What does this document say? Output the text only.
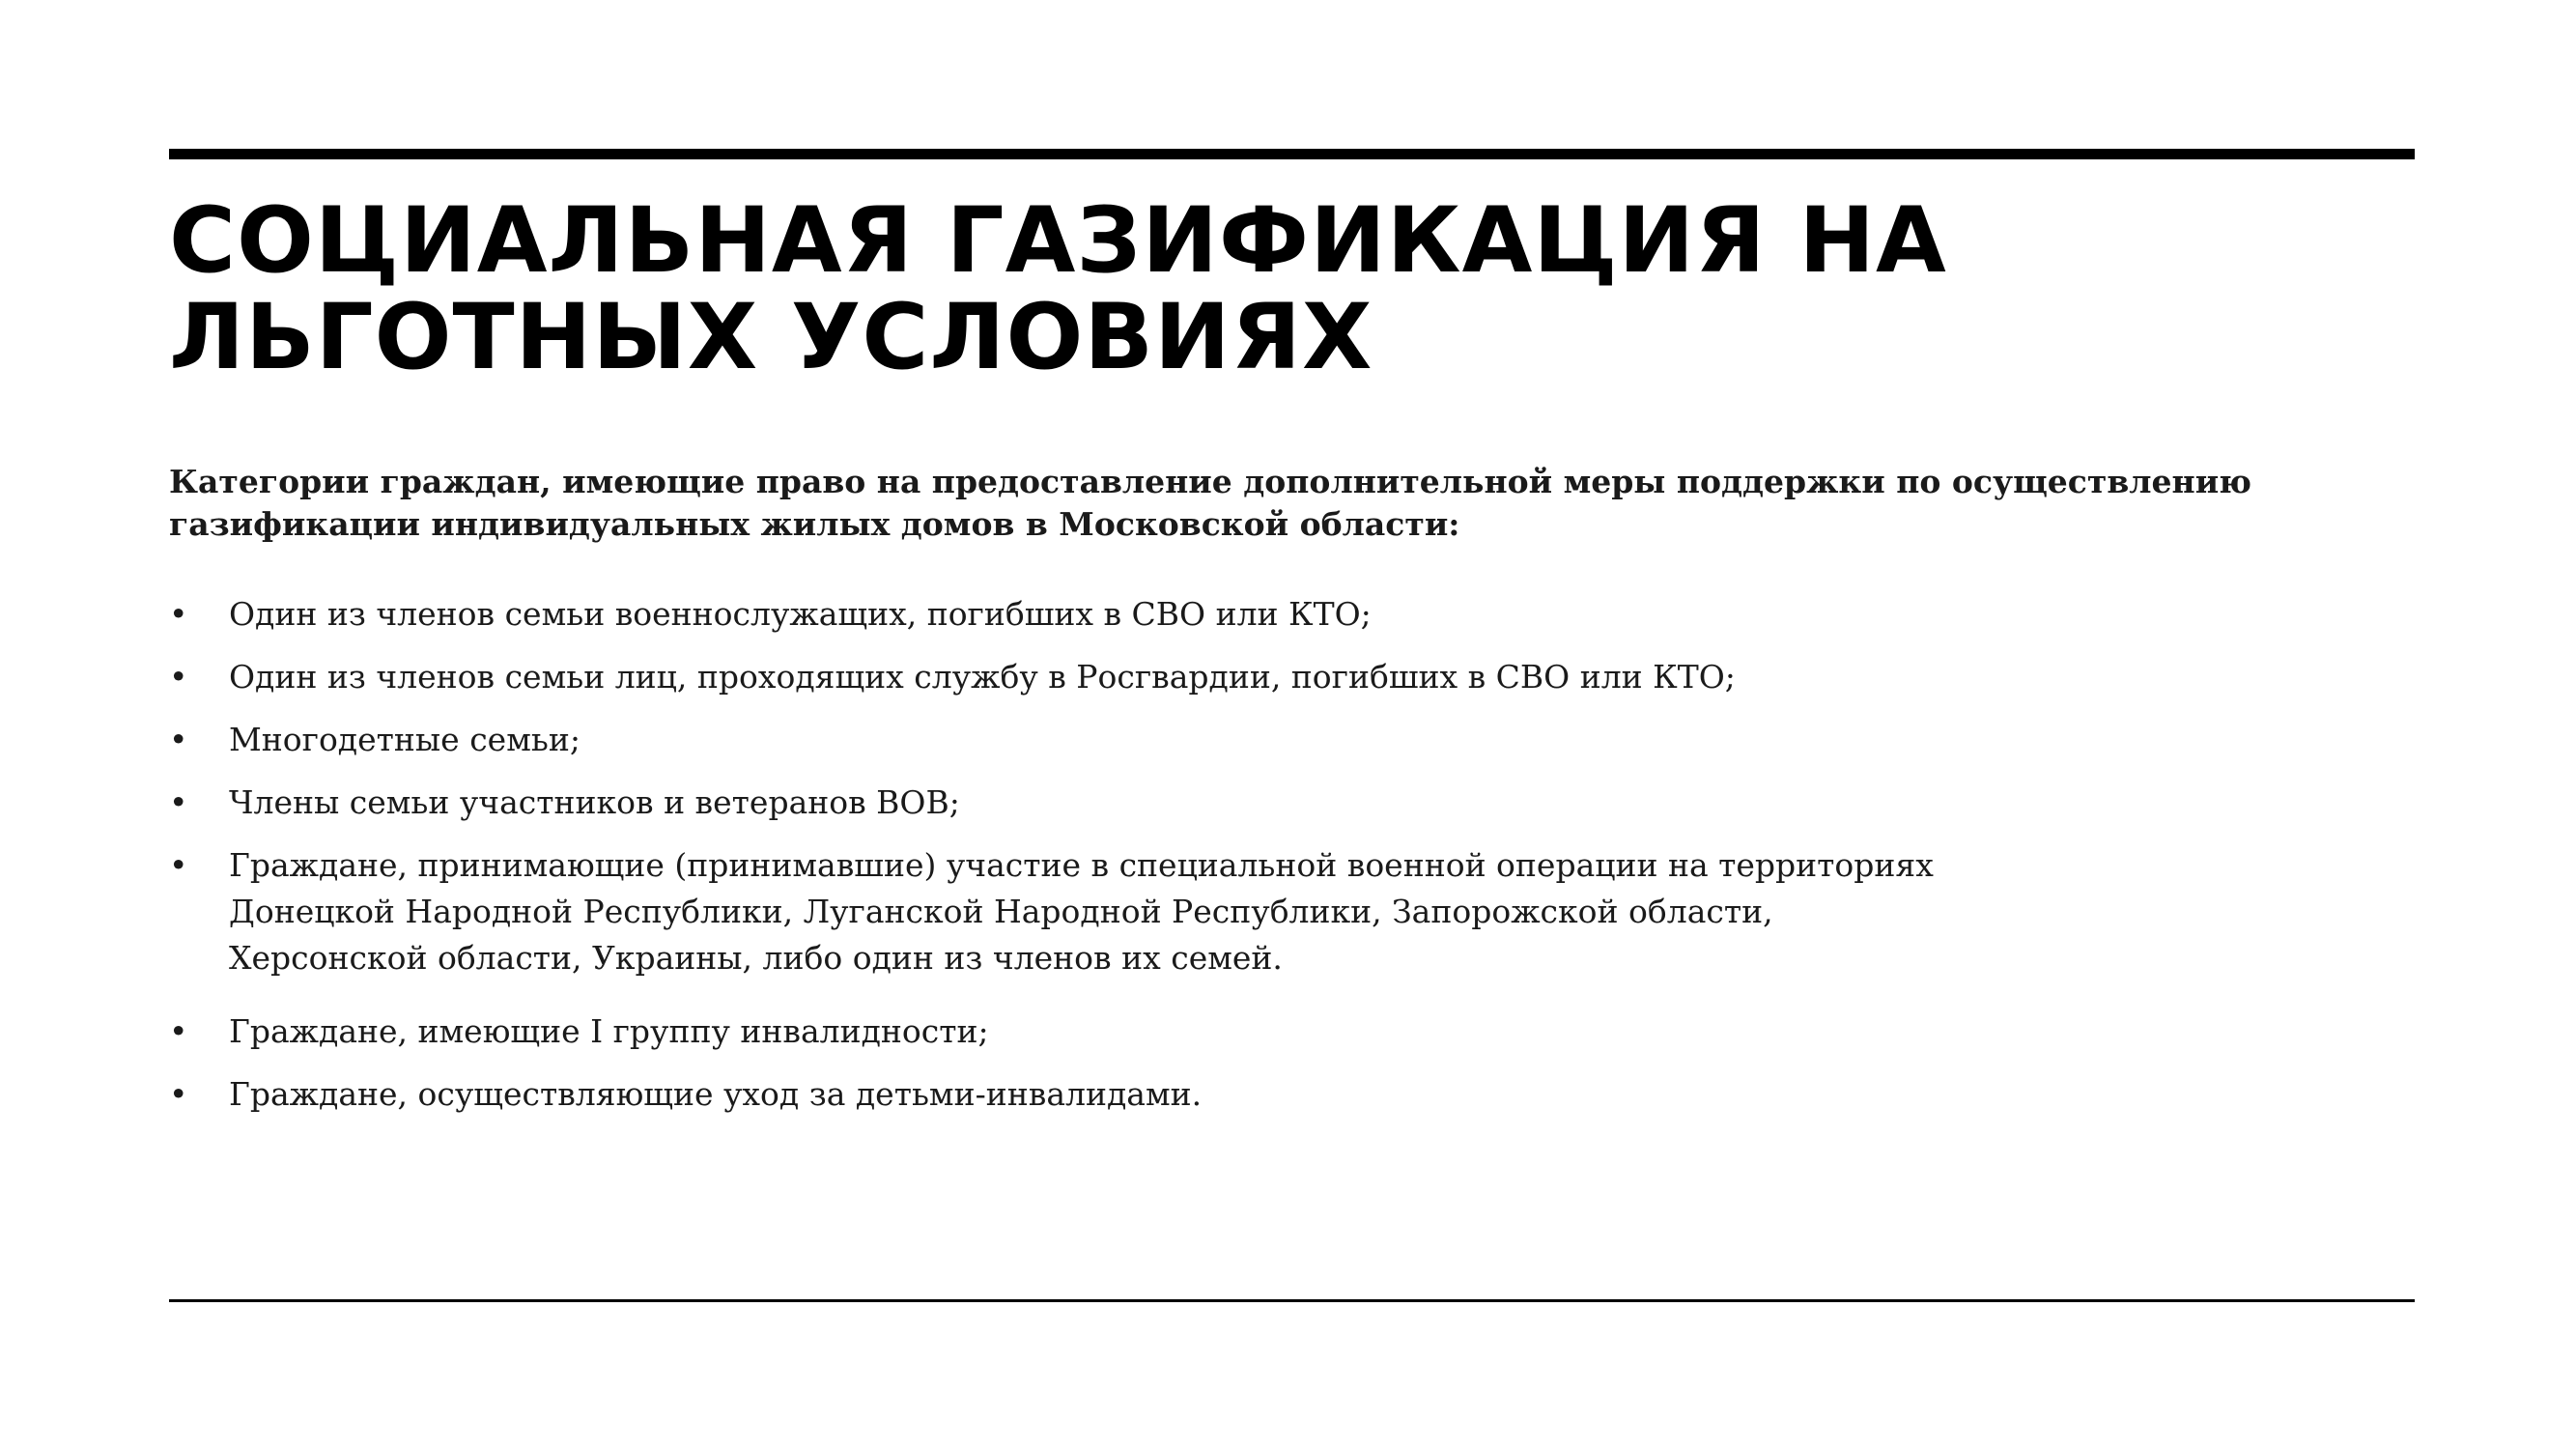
СОЦИАЛЬНАЯ ГАЗИФИКАЦИЯ НА
ЛЬГОТНЫХ УСЛОВИЯХ

Категории граждан, имеющие право на предоставление дополнительной меры поддержки по осуществлению газификации индивидуальных жилых домов в Московской области:

•	Один из членов семьи военнослужащих, погибших в СВО или КТО;
•	Один из членов семьи лиц, проходящих службу в Росгвардии, погибших в СВО или КТО;
•	Многодетные семьи;
•	Члены семьи участников и ветеранов ВОВ;
•	Граждане, принимающие (принимавшие) участие в специальной военной операции на территориях
Донецкой Народной Республики, Луганской Народной Республики, Запорожской области,
Херсонской области, Украины, либо один из членов их семей.
•	Граждане, имеющие I группу инвалидности;
•	Граждане, осуществляющие уход за детьми-инвалидами.
